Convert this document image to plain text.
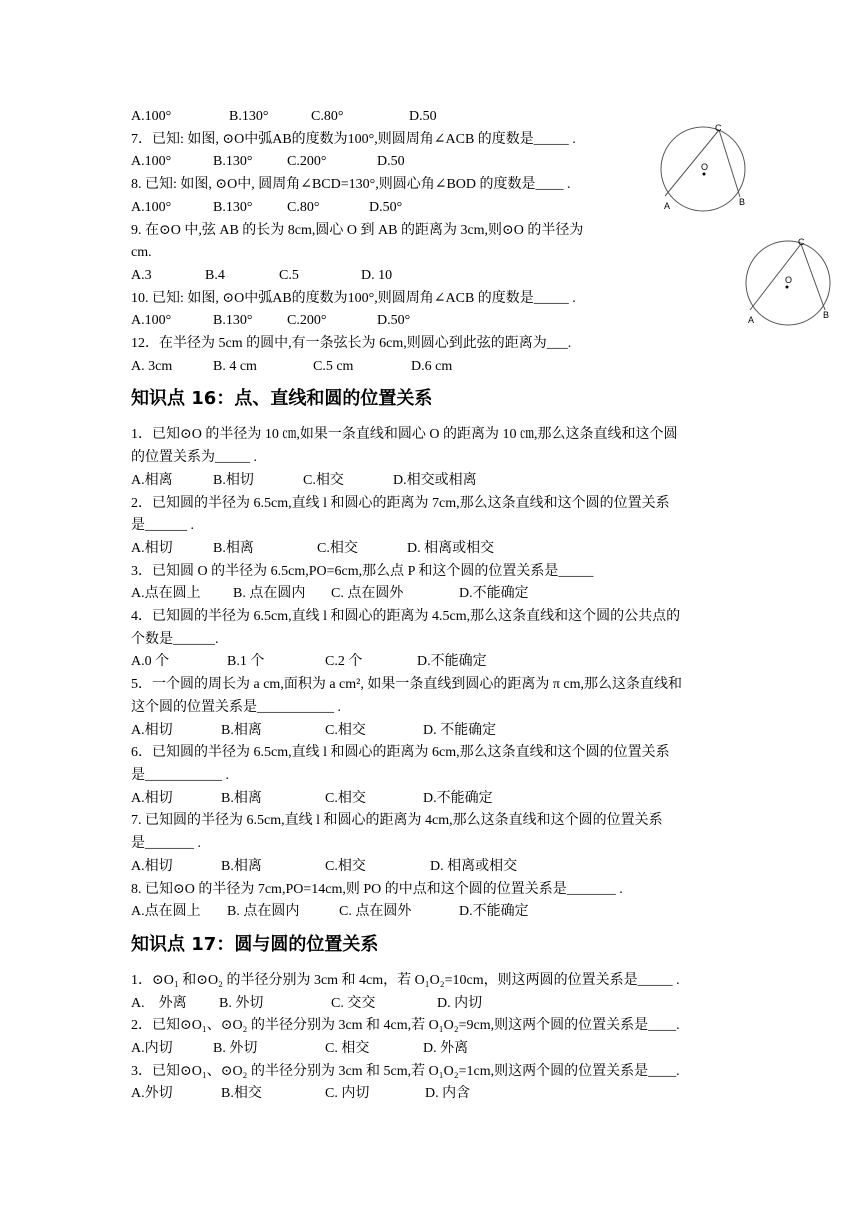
A.100°	B.130°	C.80°	D.50
7．已知: 如图, ⊙O中弧AB的度数为100°,则圆周角∠ACB 的度数是_____ .
A.100°	B.130°	C.200°	D.50
8. 已知: 如图, ⊙O中, 圆周角∠BCD=130°,则圆心角∠BOD 的度数是____ .
A.100°	B.130°	C.80°	D.50°
9. 在⊙O 中,弦 AB 的长为 8cm,圆心 O 到 AB 的距离为 3cm,则⊙O 的半径为
cm.
A.3	B.4	C.5	D. 10
10. 已知: 如图, ⊙O中弧AB的度数为100°,则圆周角∠ACB 的度数是_____ .
A.100°	B.130°	C.200°	D.50°
12．在半径为 5cm 的圆中,有一条弦长为 6cm,则圆心到此弦的距离为___.
A. 3cm	B. 4 cm	C.5 cm	D.6 cm
知识点 16：点、直线和圆的位置关系
1．已知⊙O 的半径为 10 ㎝,如果一条直线和圆心 O 的距离为 10 ㎝,那么这条直线和这个圆
的位置关系为_____ .
A.相离	B.相切	C.相交	D.相交或相离
2．已知圆的半径为 6.5cm,直线 l 和圆心的距离为 7cm,那么这条直线和这个圆的位置关系
是______ .
A.相切	B.相离	C.相交	D. 相离或相交
3．已知圆 O 的半径为 6.5cm,PO=6cm,那么点 P 和这个圆的位置关系是_____
A.点在圆上	B. 点在圆内	C. 点在圆外	D.不能确定
4．已知圆的半径为 6.5cm,直线 l 和圆心的距离为 4.5cm,那么这条直线和这个圆的公共点的
个数是______.
A.0 个	B.1 个	C.2 个	D.不能确定
5．一个圆的周长为 a cm,面积为 a cm², 如果一条直线到圆心的距离为 π cm,那么这条直线和
这个圆的位置关系是___________ .
A.相切	B.相离	C.相交	D. 不能确定
6．已知圆的半径为 6.5cm,直线 l 和圆心的距离为 6cm,那么这条直线和这个圆的位置关系
是___________ .
A.相切	B.相离	C.相交	D.不能确定
7. 已知圆的半径为 6.5cm,直线 l 和圆心的距离为 4cm,那么这条直线和这个圆的位置关系
是_______ .
A.相切	B.相离	C.相交	D. 相离或相交
8. 已知⊙O 的半径为 7cm,PO=14cm,则 PO 的中点和这个圆的位置关系是_______ .
A.点在圆上	B. 点在圆内	C. 点在圆外	D.不能确定
知识点 17：圆与圆的位置关系
1．⊙O₁ 和⊙O₂ 的半径分别为 3cm 和 4cm，若 O₁O₂=10cm，则这两圆的位置关系是_____ .
A.　外离	B. 外切	C. 交交	D. 内切
2．已知⊙O₁、⊙O₂ 的半径分别为 3cm 和 4cm,若 O₁O₂=9cm,则这两个圆的位置关系是____.
A.内切	B. 外切	C. 相交	D. 外离
3．已知⊙O₁、⊙O₂ 的半径分别为 3cm 和 5cm,若 O₁O₂=1cm,则这两个圆的位置关系是____.
A.外切	B.相交	C. 内切	D. 内含
C
O
A	B
C
O
A	B
